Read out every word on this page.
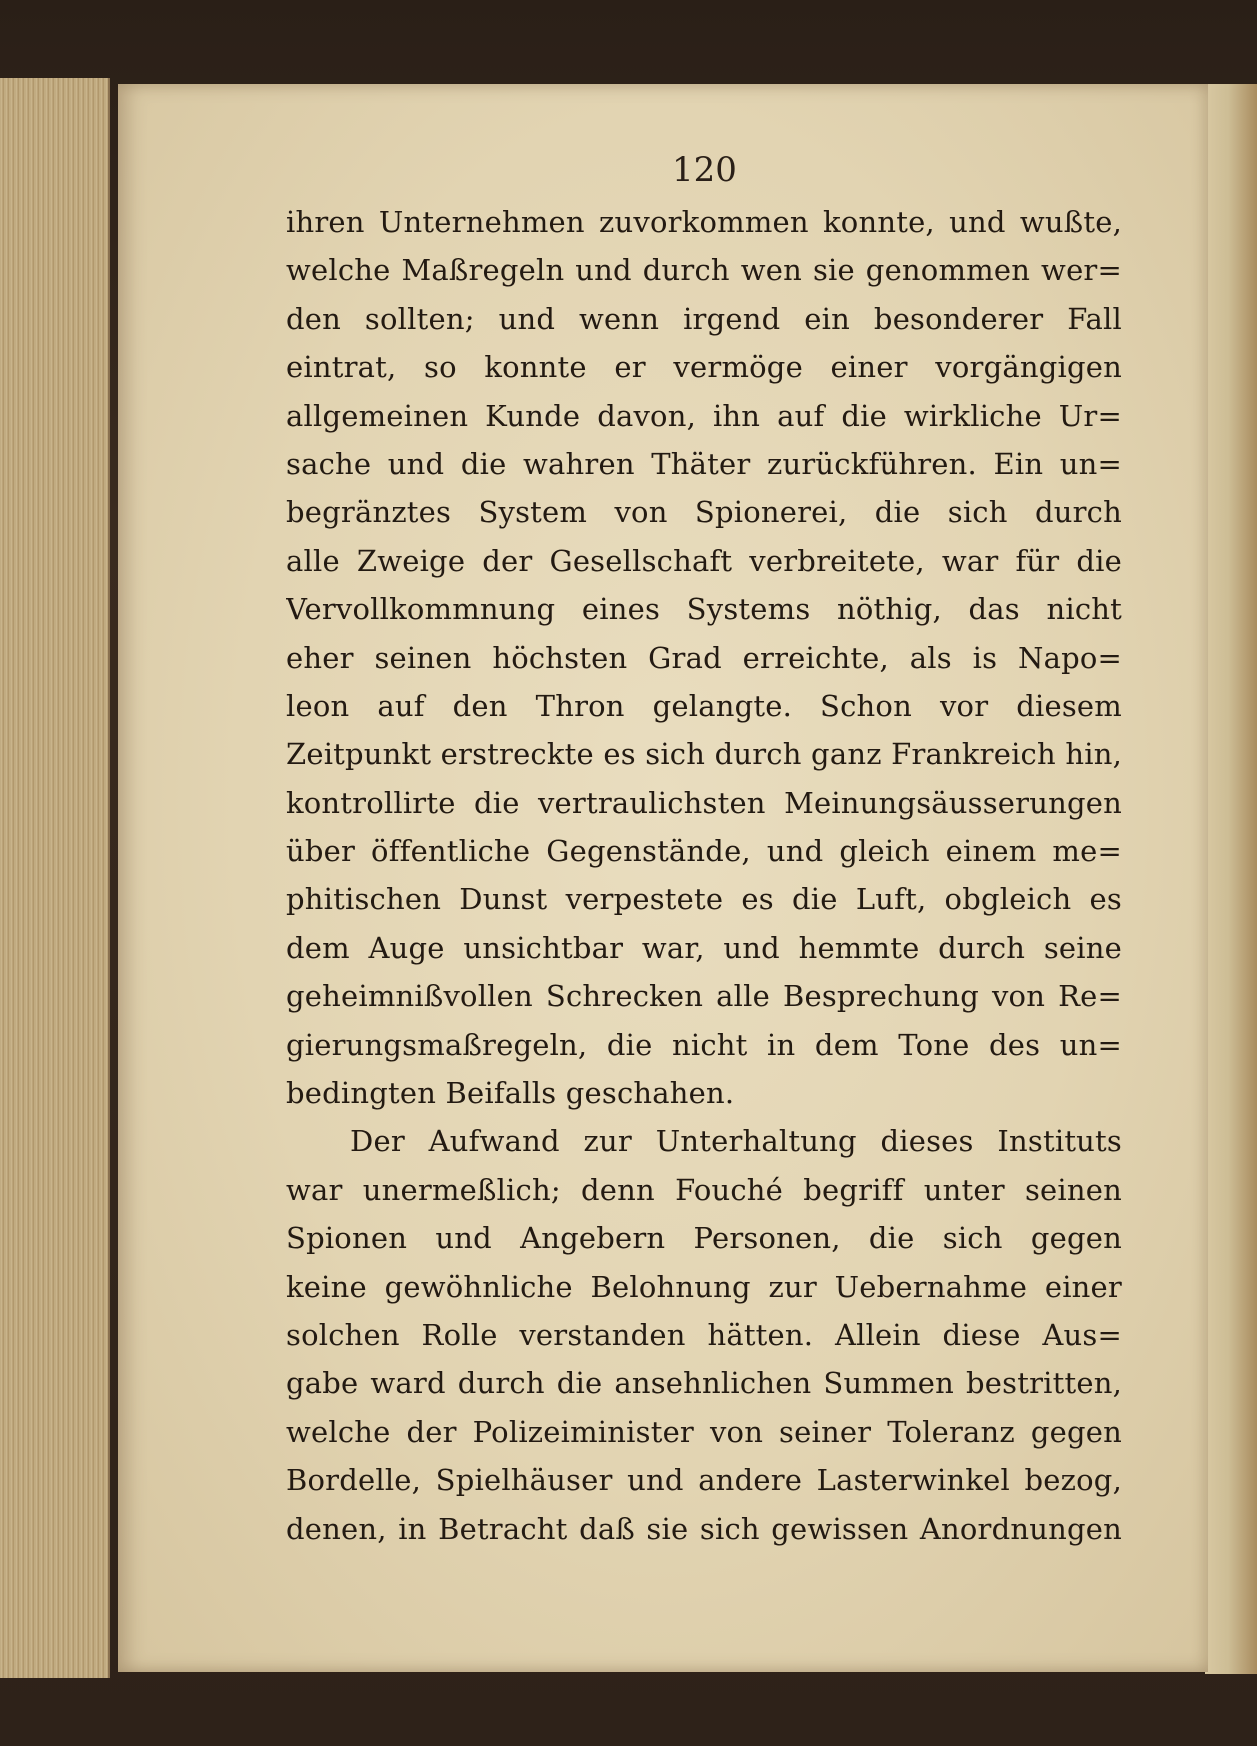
120
ihren Unternehmen zuvorkommen konnte, und wußte,
welche Maßregeln und durch wen sie genommen wer=
den sollten; und wenn irgend ein besonderer Fall
eintrat, so konnte er vermöge einer vorgängigen
allgemeinen Kunde davon, ihn auf die wirkliche Ur=
sache und die wahren Thäter zurückführen. Ein un=
begränztes System von Spionerei, die sich durch
alle Zweige der Gesellschaft verbreitete, war für die
Vervollkommnung eines Systems nöthig, das nicht
eher seinen höchsten Grad erreichte, als is Napo=
leon auf den Thron gelangte. Schon vor diesem
Zeitpunkt erstreckte es sich durch ganz Frankreich hin,
kontrollirte die vertraulichsten Meinungsäusserungen
über öffentliche Gegenstände, und gleich einem me=
phitischen Dunst verpestete es die Luft, obgleich es
dem Auge unsichtbar war, und hemmte durch seine
geheimnißvollen Schrecken alle Besprechung von Re=
gierungsmaßregeln, die nicht in dem Tone des un=
bedingten Beifalls geschahen.
Der Aufwand zur Unterhaltung dieses Instituts
war unermeßlich; denn Fouché begriff unter seinen
Spionen und Angebern Personen, die sich gegen
keine gewöhnliche Belohnung zur Uebernahme einer
solchen Rolle verstanden hätten. Allein diese Aus=
gabe ward durch die ansehnlichen Summen bestritten,
welche der Polizeiminister von seiner Toleranz gegen
Bordelle, Spielhäuser und andere Lasterwinkel bezog,
denen, in Betracht daß sie sich gewissen Anordnungen
